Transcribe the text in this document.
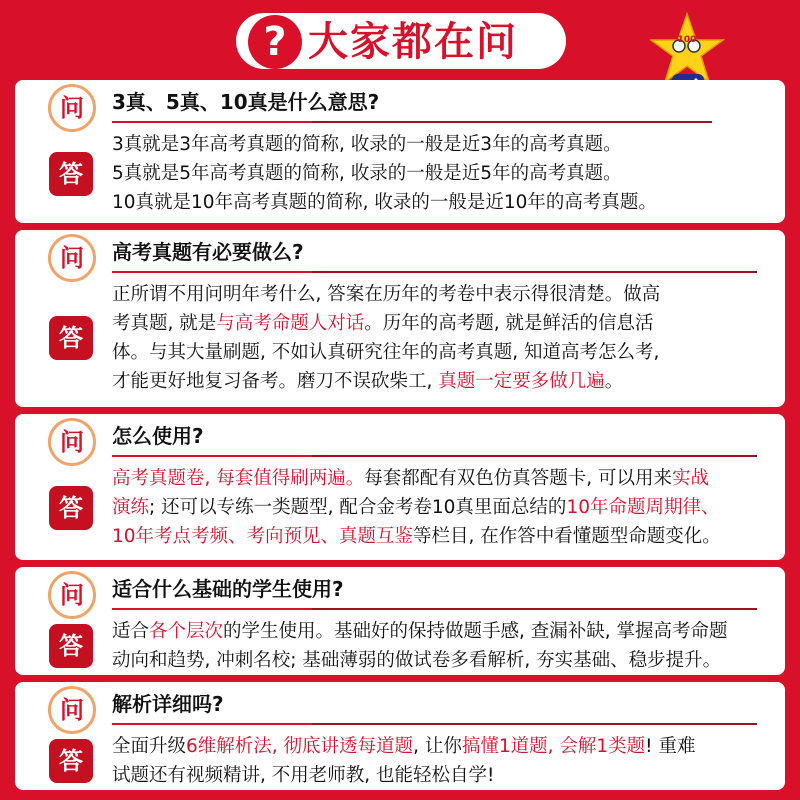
? 大家都在问	100
问	3真、5真、10真是什么意思?
答
3真就是3年高考真题的简称, 收录的一般是近3年的高考真题。
5真就是5年高考真题的简称, 收录的一般是近5年的高考真题。
10真就是10年高考真题的简称, 收录的一般是近10年的高考真题。
问	高考真题有必要做么?
答
正所谓不用问明年考什么, 答案在历年的考卷中表示得很清楚。做高
考真题, 就是与高考命题人对话。历年的高考题, 就是鲜活的信息活
体。与其大量刷题, 不如认真研究往年的高考真题, 知道高考怎么考,
才能更好地复习备考。磨刀不误砍柴工, 真题一定要多做几遍。
问	怎么使用?
答
高考真题卷, 每套值得刷两遍。每套都配有双色仿真答题卡, 可以用来实战
演练; 还可以专练一类题型, 配合金考卷10真里面总结的10年命题周期律、
10年考点考频、考向预见、真题互鉴等栏目, 在作答中看懂题型命题变化。
问	适合什么基础的学生使用?
答
适合各个层次的学生使用。基础好的保持做题手感, 查漏补缺, 掌握高考命题
动向和趋势, 冲刺名校; 基础薄弱的做试卷多看解析, 夯实基础、稳步提升。
问	解析详细吗?
答
全面升级6维解析法, 彻底讲透每道题, 让你搞懂1道题, 会解1类题! 重难
试题还有视频精讲, 不用老师教, 也能轻松自学!
